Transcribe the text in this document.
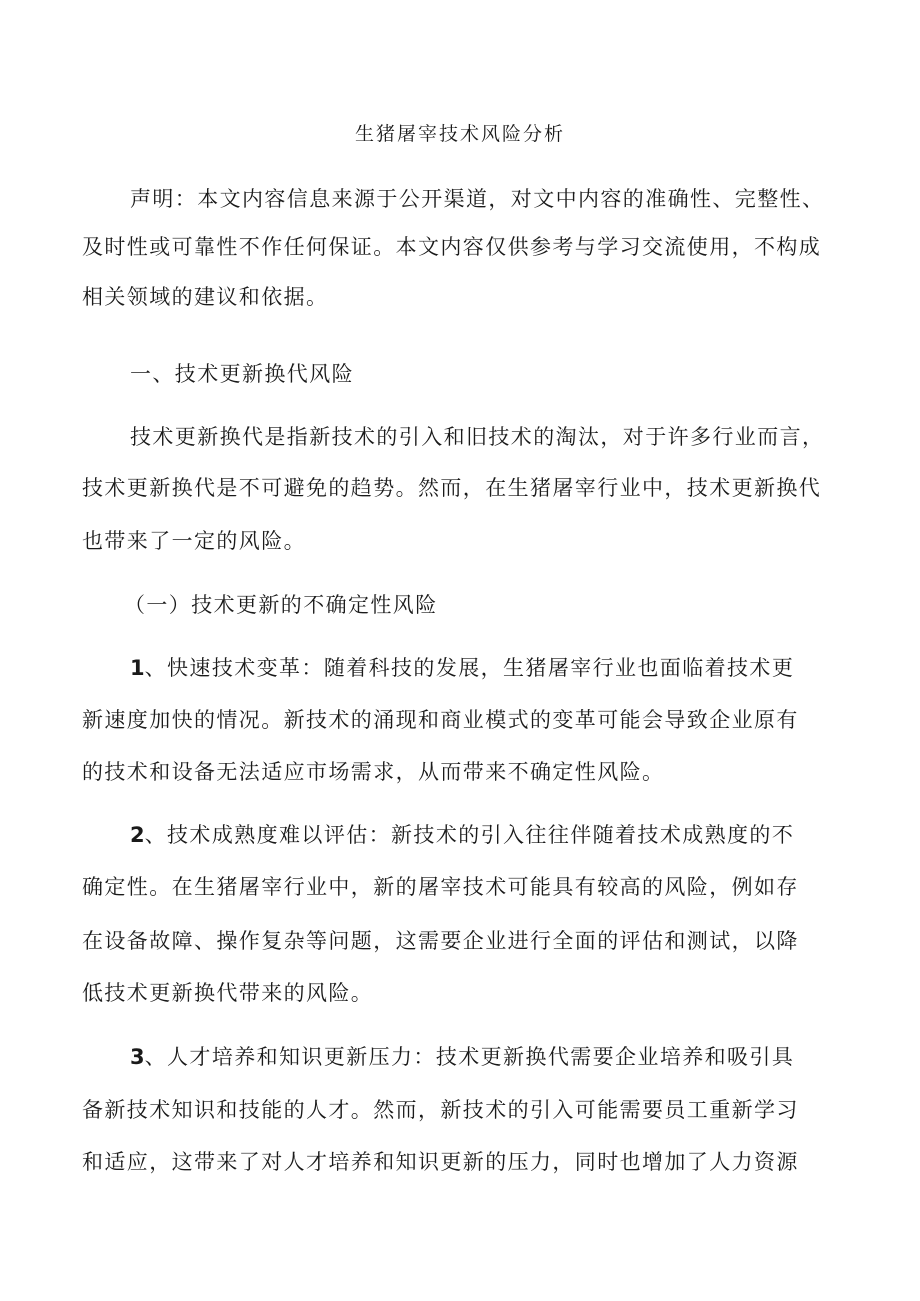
生猪屠宰技术风险分析
声明：本文内容信息来源于公开渠道，对文中内容的准确性、完整性、
及时性或可靠性不作任何保证。本文内容仅供参考与学习交流使用，不构成
相关领域的建议和依据。
一、技术更新换代风险
技术更新换代是指新技术的引入和旧技术的淘汰，对于许多行业而言，
技术更新换代是不可避免的趋势。然而，在生猪屠宰行业中，技术更新换代
也带来了一定的风险。
（一）技术更新的不确定性风险
1、快速技术变革：随着科技的发展，生猪屠宰行业也面临着技术更
新速度加快的情况。新技术的涌现和商业模式的变革可能会导致企业原有
的技术和设备无法适应市场需求，从而带来不确定性风险。
2、技术成熟度难以评估：新技术的引入往往伴随着技术成熟度的不
确定性。在生猪屠宰行业中，新的屠宰技术可能具有较高的风险，例如存
在设备故障、操作复杂等问题，这需要企业进行全面的评估和测试，以降
低技术更新换代带来的风险。
3、人才培养和知识更新压力：技术更新换代需要企业培养和吸引具
备新技术知识和技能的人才。然而，新技术的引入可能需要员工重新学习
和适应，这带来了对人才培养和知识更新的压力，同时也增加了人力资源
